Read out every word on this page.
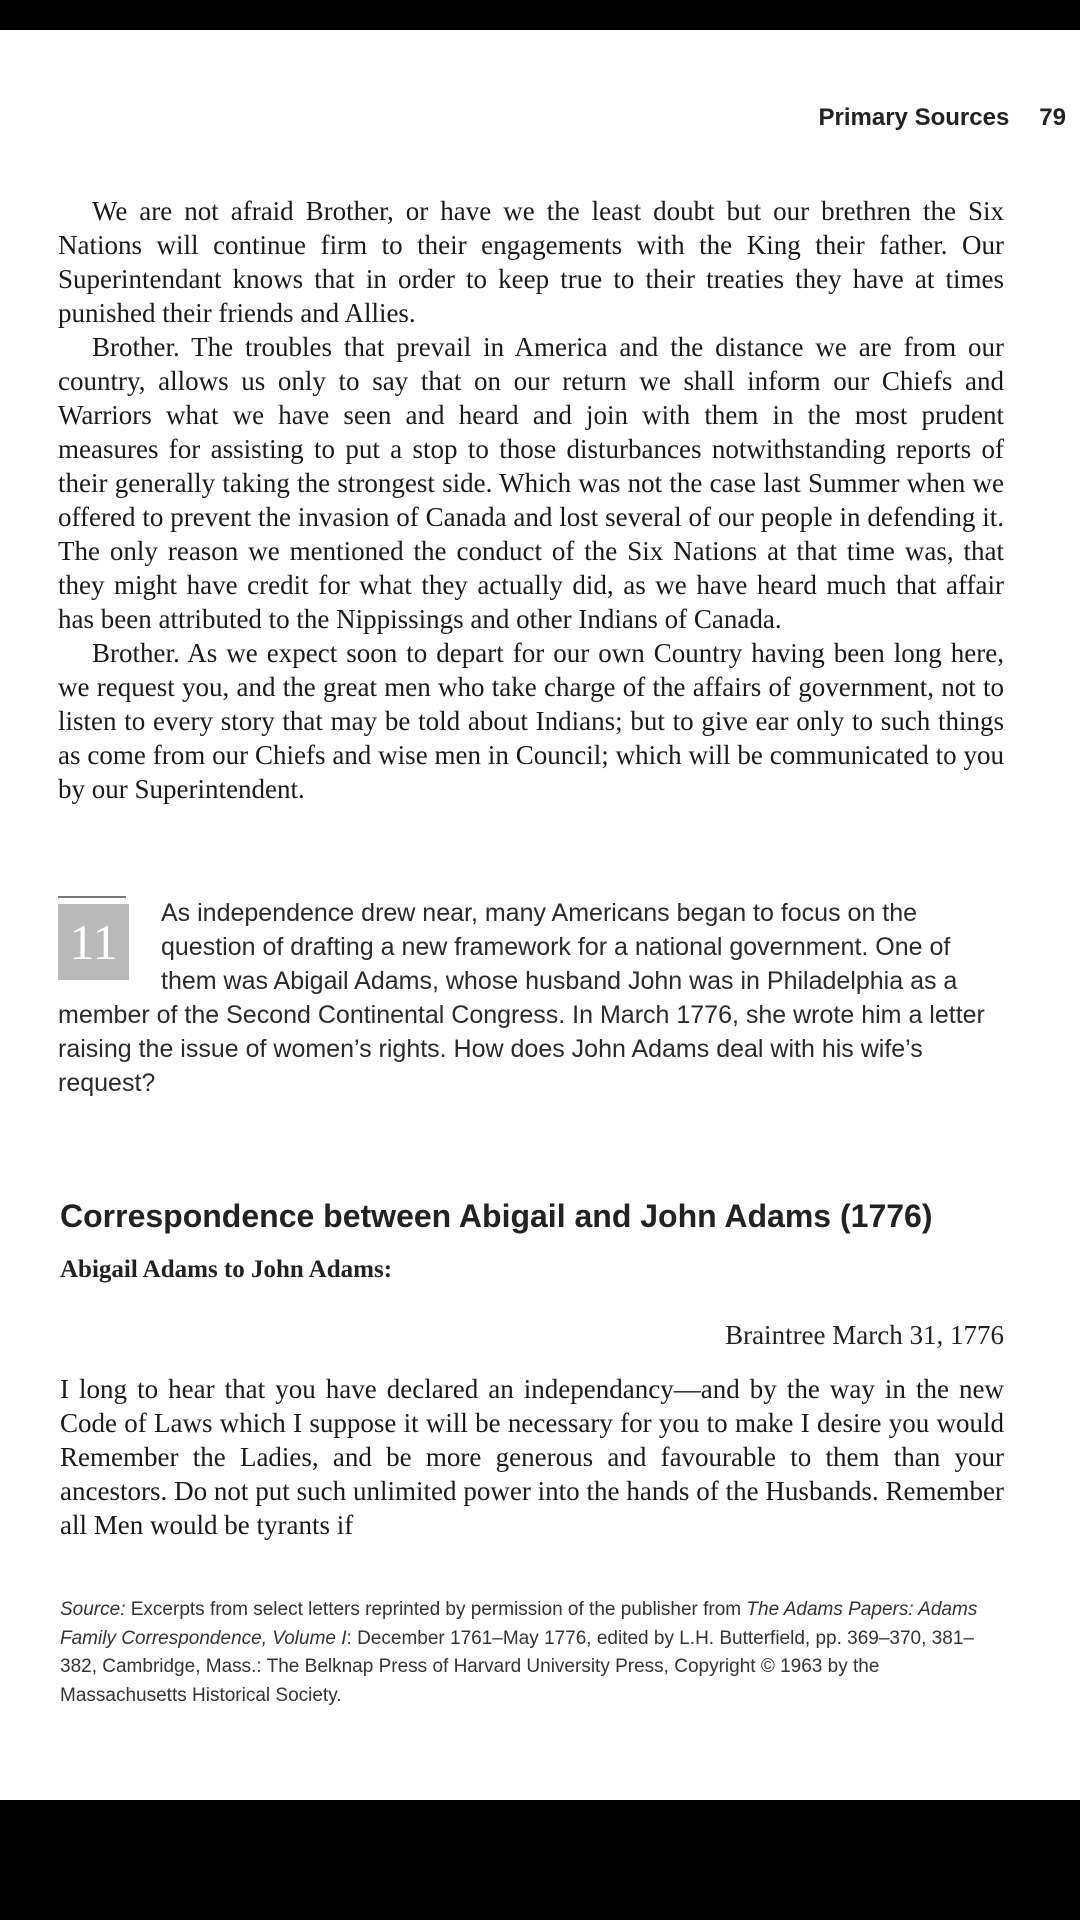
Primary Sources 79

We are not afraid Brother, or have we the least doubt but our brethren the Six Nations will continue firm to their engagements with the King their father. Our Superintendant knows that in order to keep true to their treaties they have at times punished their friends and Allies.

Brother. The troubles that prevail in America and the distance we are from our country, allows us only to say that on our return we shall inform our Chiefs and Warriors what we have seen and heard and join with them in the most prudent measures for assisting to put a stop to those disturbances notwithstanding reports of their generally taking the strongest side. Which was not the case last Summer when we offered to prevent the invasion of Canada and lost several of our people in defending it. The only reason we mentioned the conduct of the Six Nations at that time was, that they might have credit for what they actually did, as we have heard much that affair has been attributed to the Nippissings and other Indians of Canada.

Brother. As we expect soon to depart for our own Country having been long here, we request you, and the great men who take charge of the affairs of government, not to listen to every story that may be told about Indians; but to give ear only to such things as come from our Chiefs and wise men in Council; which will be communicated to you by our Superintendent.

11

As independence drew near, many Americans began to focus on the question of drafting a new framework for a national government. One of them was Abigail Adams, whose husband John was in Philadelphia as a member of the Second Continental Congress. In March 1776, she wrote him a letter raising the issue of women’s rights. How does John Adams deal with his wife’s request?

Correspondence between Abigail and John Adams (1776)

Abigail Adams to John Adams:

Braintree March 31, 1776

I long to hear that you have declared an independancy—and by the way in the new Code of Laws which I suppose it will be necessary for you to make I desire you would Remember the Ladies, and be more generous and favourable to them than your ancestors. Do not put such unlimited power into the hands of the Husbands. Remember all Men would be tyrants if

Source: Excerpts from select letters reprinted by permission of the publisher from The Adams Papers: Adams Family Correspondence, Volume I: December 1761–May 1776, edited by L.H. Butterfield, pp. 369–370, 381–382, Cambridge, Mass.: The Belknap Press of Harvard University Press, Copyright © 1963 by the Massachusetts Historical Society.
